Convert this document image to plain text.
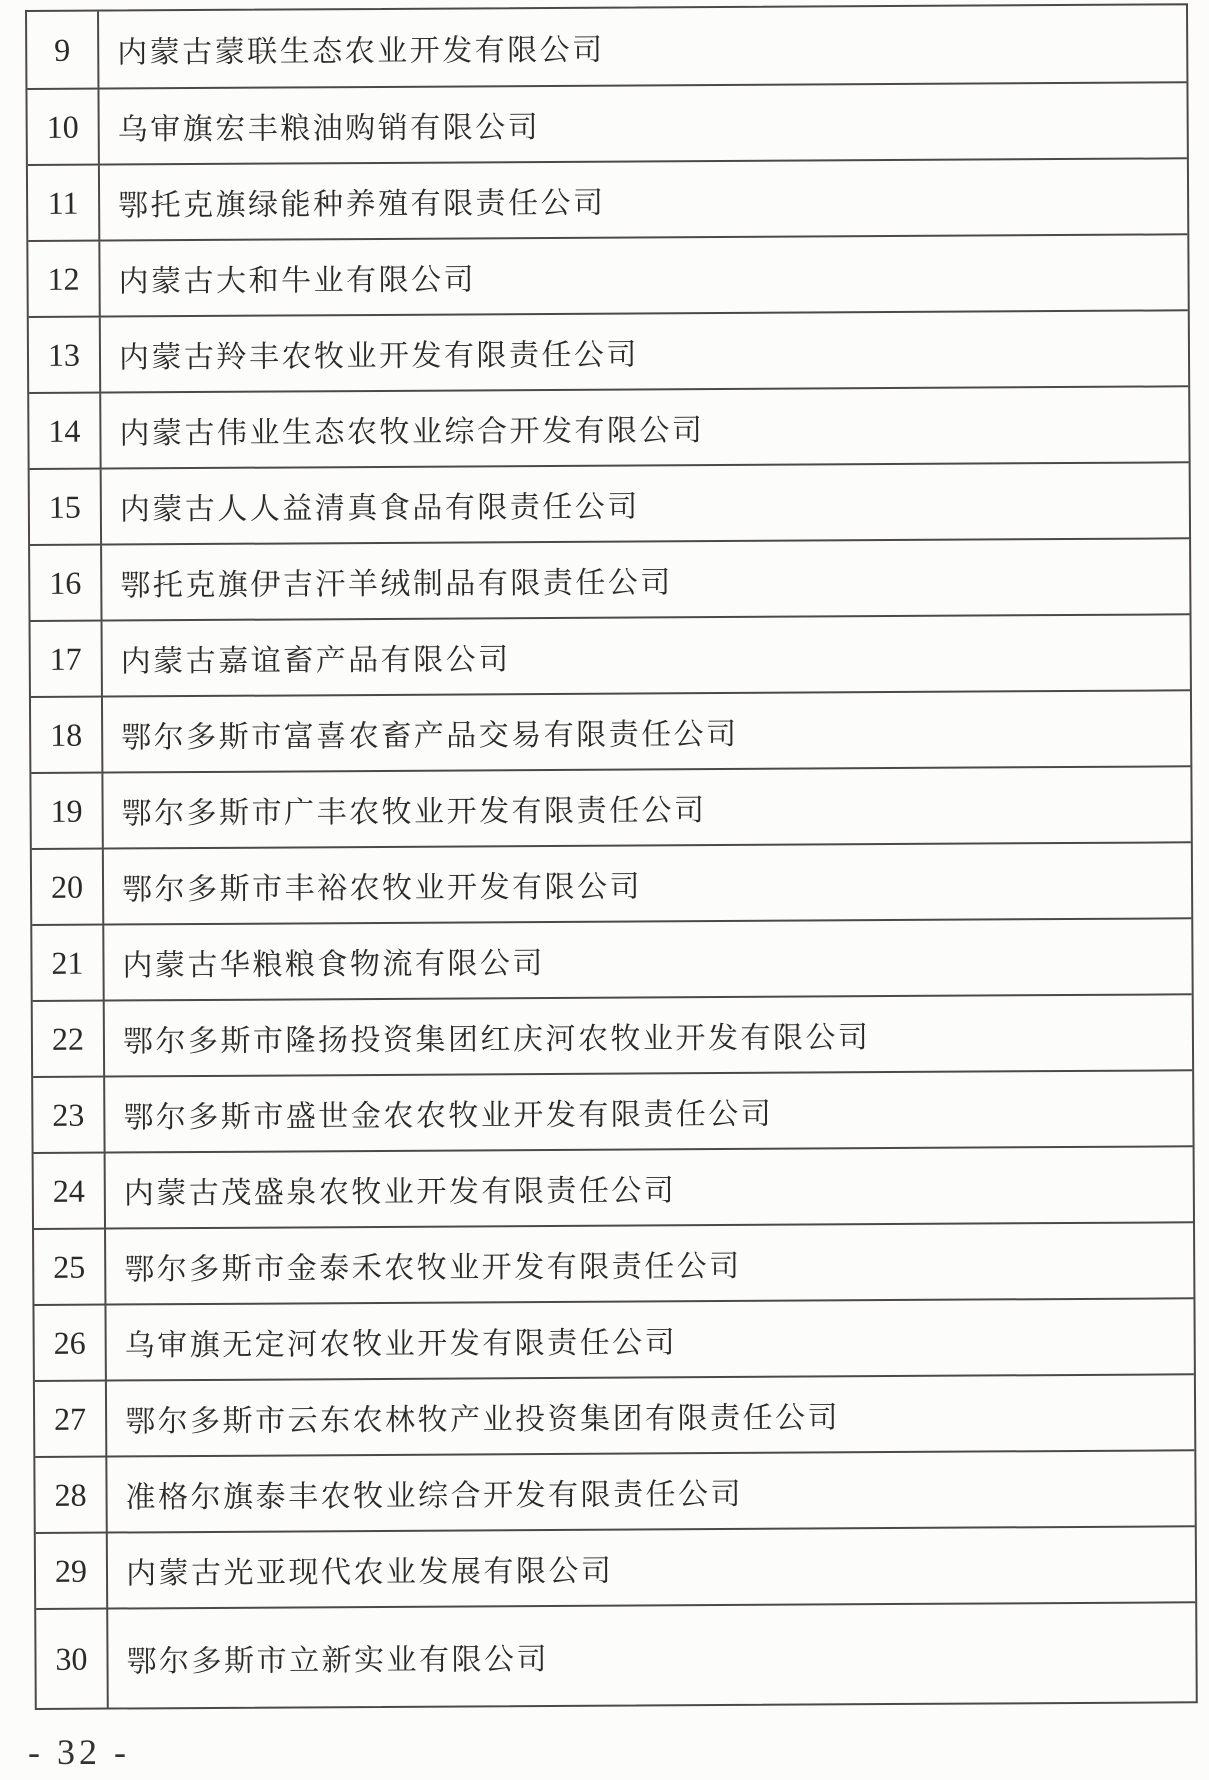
9	内蒙古蒙联生态农业开发有限公司
10	乌审旗宏丰粮油购销有限公司
11	鄂托克旗绿能种养殖有限责任公司
12	内蒙古大和牛业有限公司
13	内蒙古羚丰农牧业开发有限责任公司
14	内蒙古伟业生态农牧业综合开发有限公司
15	内蒙古人人益清真食品有限责任公司
16	鄂托克旗伊吉汗羊绒制品有限责任公司
17	内蒙古嘉谊畜产品有限公司
18	鄂尔多斯市富喜农畜产品交易有限责任公司
19	鄂尔多斯市广丰农牧业开发有限责任公司
20	鄂尔多斯市丰裕农牧业开发有限公司
21	内蒙古华粮粮食物流有限公司
22	鄂尔多斯市隆扬投资集团红庆河农牧业开发有限公司
23	鄂尔多斯市盛世金农农牧业开发有限责任公司
24	内蒙古茂盛泉农牧业开发有限责任公司
25	鄂尔多斯市金泰禾农牧业开发有限责任公司
26	乌审旗无定河农牧业开发有限责任公司
27	鄂尔多斯市云东农林牧产业投资集团有限责任公司
28	准格尔旗泰丰农牧业综合开发有限责任公司
29	内蒙古光亚现代农业发展有限公司
30	鄂尔多斯市立新实业有限公司
- 32 -
